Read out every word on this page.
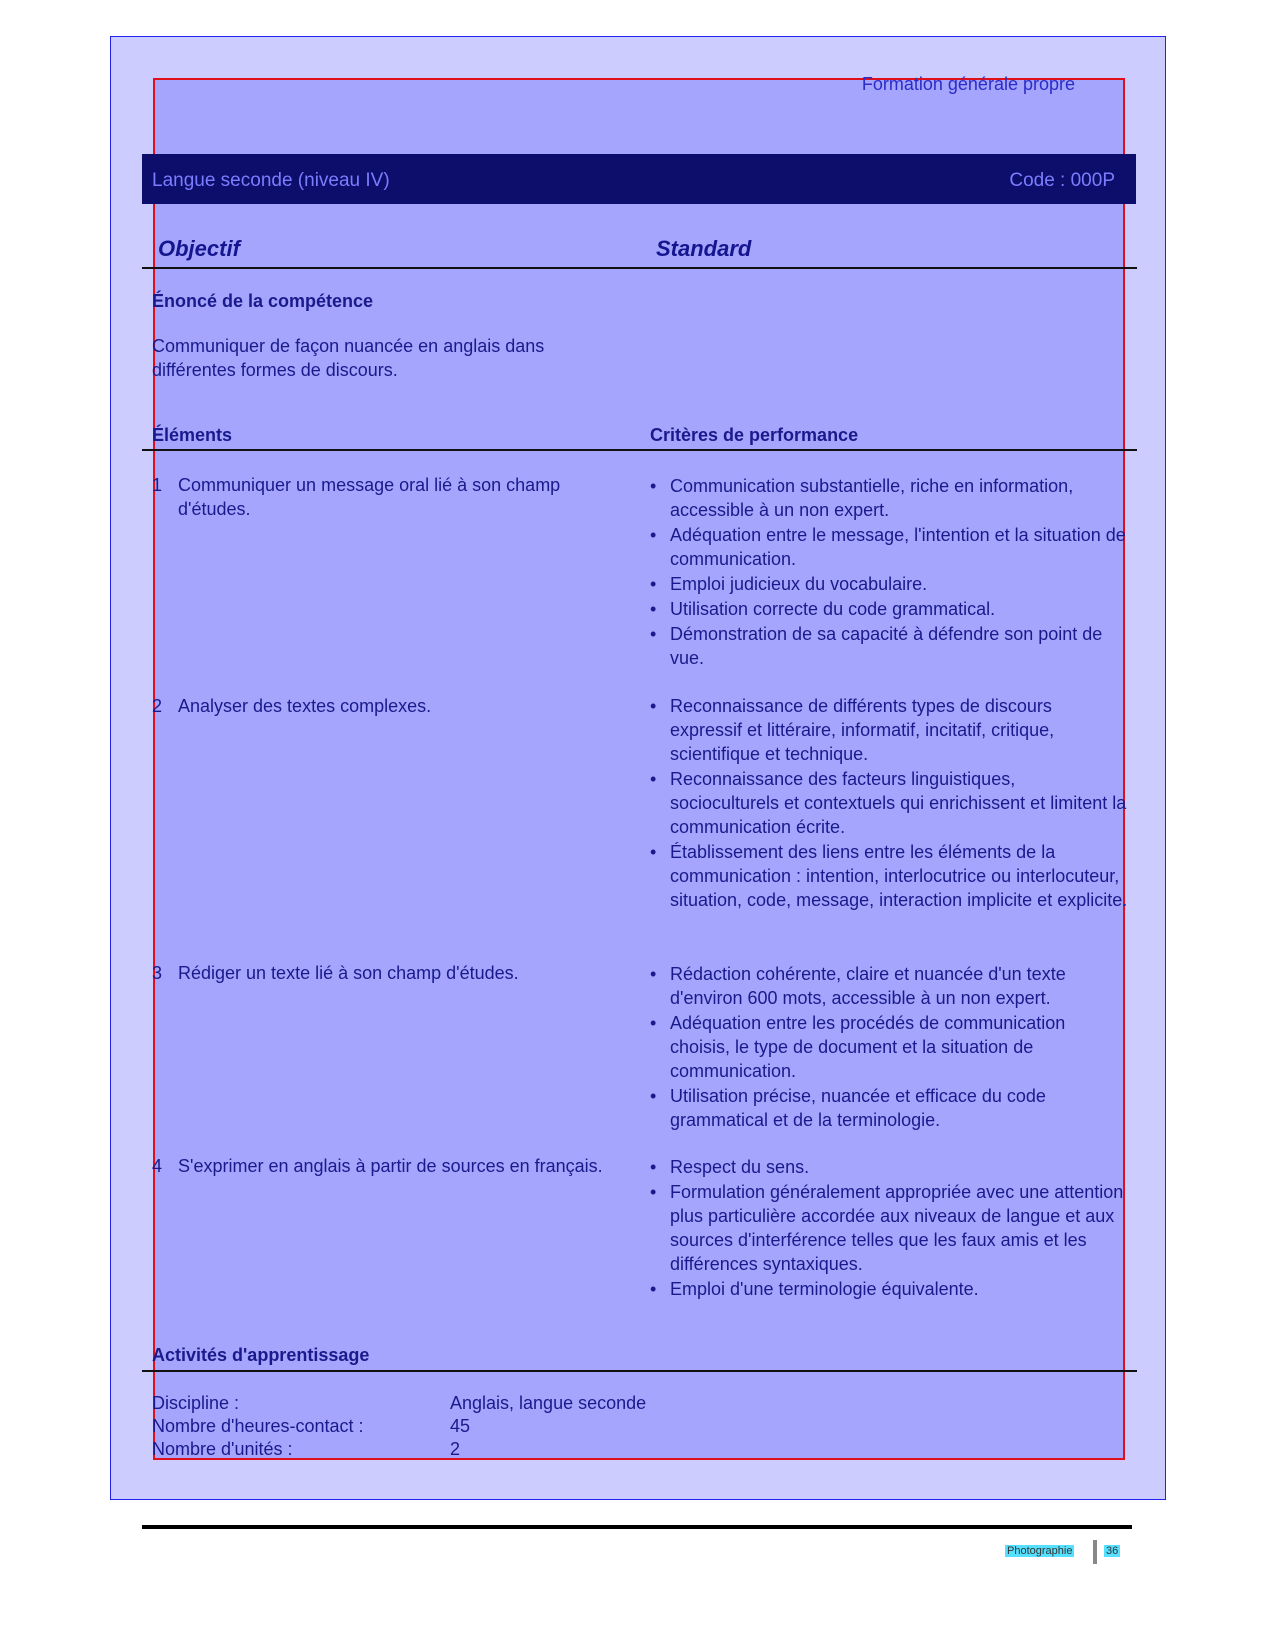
Formation générale propre
Langue seconde (niveau IV)	Code : 000P
Objectif	Standard
Énoncé de la compétence
Communiquer de façon nuancée en anglais dans différentes formes de discours.
Éléments	Critères de performance
1 Communiquer un message oral lié à son champ d'études.
• Communication substantielle, riche en information, accessible à un non expert.
• Adéquation entre le message, l'intention et la situation de communication.
• Emploi judicieux du vocabulaire.
• Utilisation correcte du code grammatical.
• Démonstration de sa capacité à défendre son point de vue.
2 Analyser des textes complexes.	• Reconnaissance de différents types de discours expressif et littéraire, informatif, incitatif, critique, scientifique et technique.
• Reconnaissance des facteurs linguistiques, socioculturels et contextuels qui enrichissent et limitent la communication écrite.
• Établissement des liens entre les éléments de la communication : intention, interlocutrice ou interlocuteur, situation, code, message, interaction implicite et explicite.
3 Rédiger un texte lié à son champ d'études.	• Rédaction cohérente, claire et nuancée d'un texte d'environ 600 mots, accessible à un non expert.
• Adéquation entre les procédés de communication choisis, le type de document et la situation de communication.
• Utilisation précise, nuancée et efficace du code grammatical et de la terminologie.
4 S'exprimer en anglais à partir de sources en français.	• Respect du sens.
• Formulation généralement appropriée avec une attention plus particulière accordée aux niveaux de langue et aux sources d'interférence telles que les faux amis et les différences syntaxiques.
• Emploi d'une terminologie équivalente.
Activités d'apprentissage
Discipline :	Anglais, langue seconde
Nombre d'heures-contact :	45
Nombre d'unités :	2
Photographie	36
